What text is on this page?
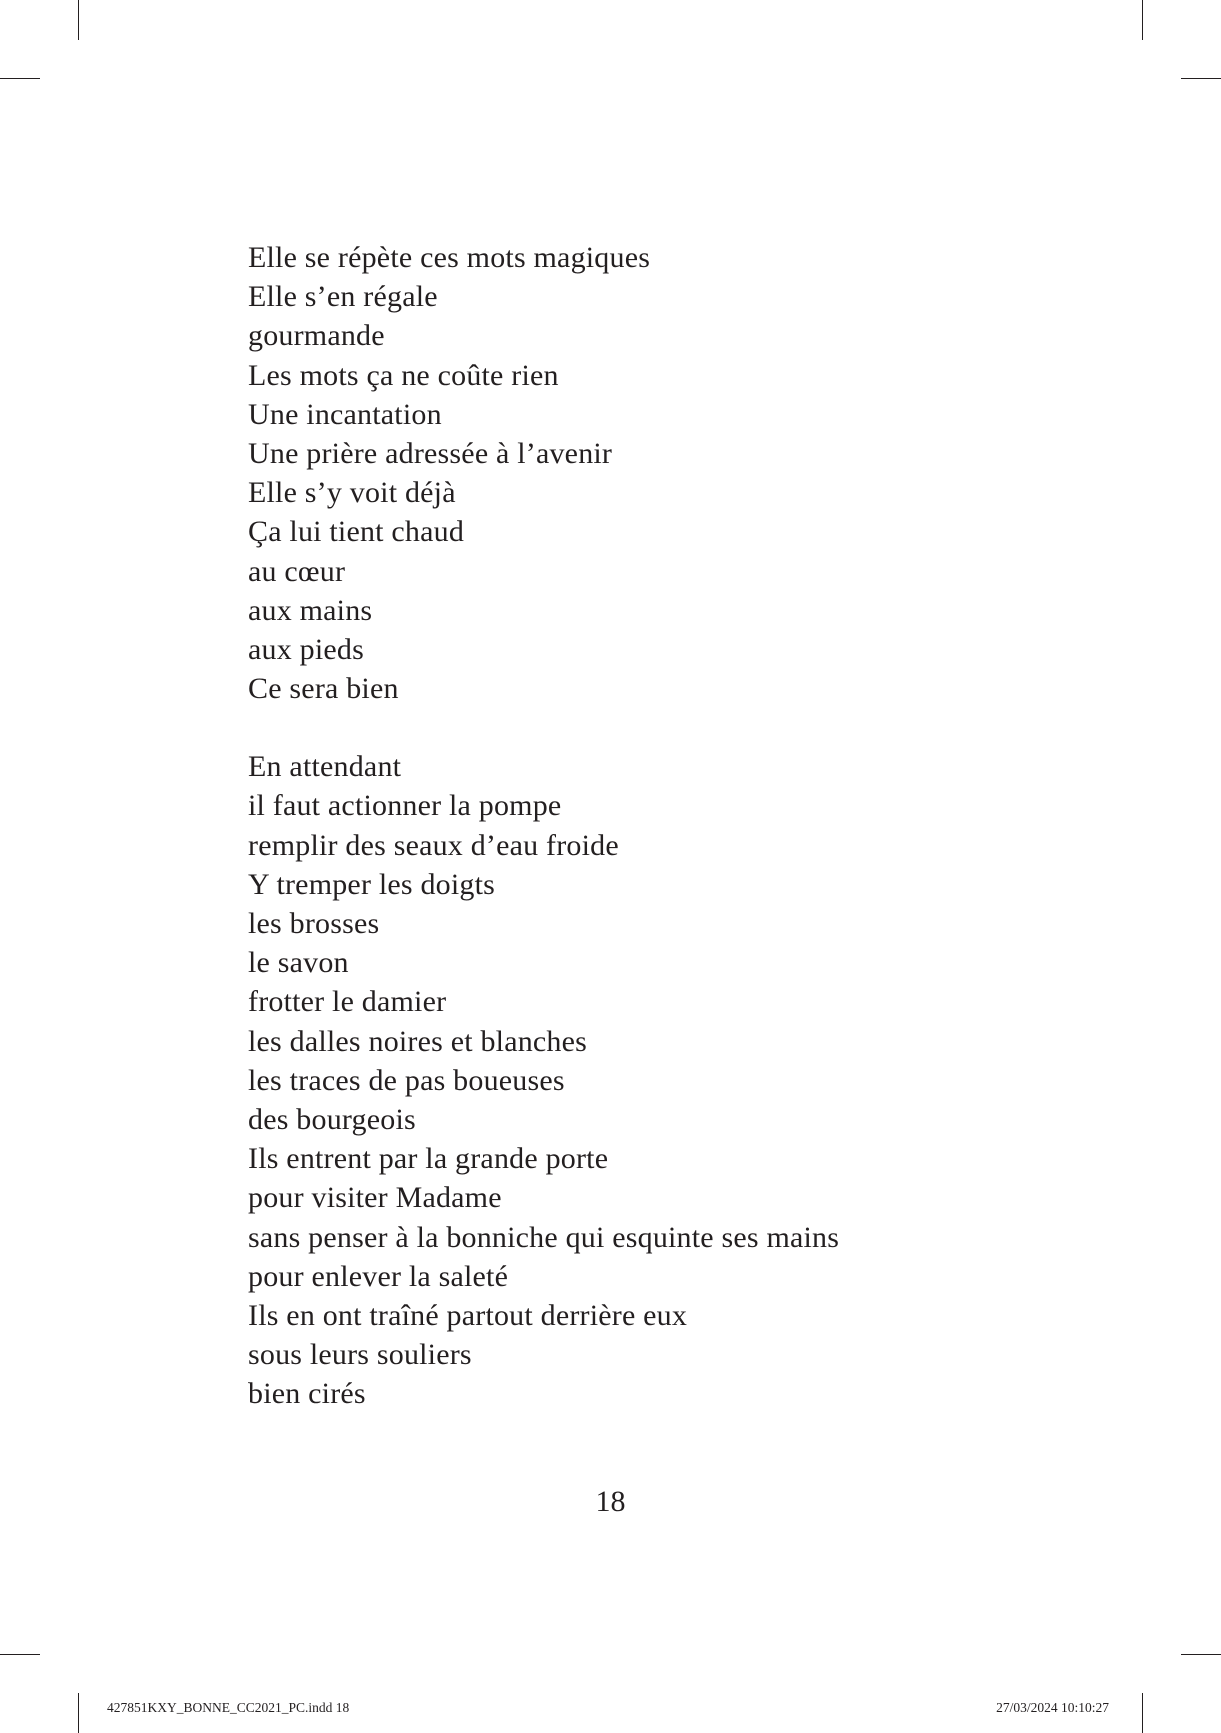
Elle se répète ces mots magiques
Elle s’en régale
gourmande
Les mots ça ne coûte rien
Une incantation
Une prière adressée à l’avenir
Elle s’y voit déjà
Ça lui tient chaud
au cœur
aux mains
aux pieds
Ce sera bien
En attendant
il faut actionner la pompe
remplir des seaux d’eau froide
Y tremper les doigts
les brosses
le savon
frotter le damier
les dalles noires et blanches
les traces de pas boueuses
des bourgeois
Ils entrent par la grande porte
pour visiter Madame
sans penser à la bonniche qui esquinte ses mains
pour enlever la saleté
Ils en ont traîné partout derrière eux
sous leurs souliers
bien cirés
18
427851KXY_BONNE_CC2021_PC.indd 18	27/03/2024 10:10:27
